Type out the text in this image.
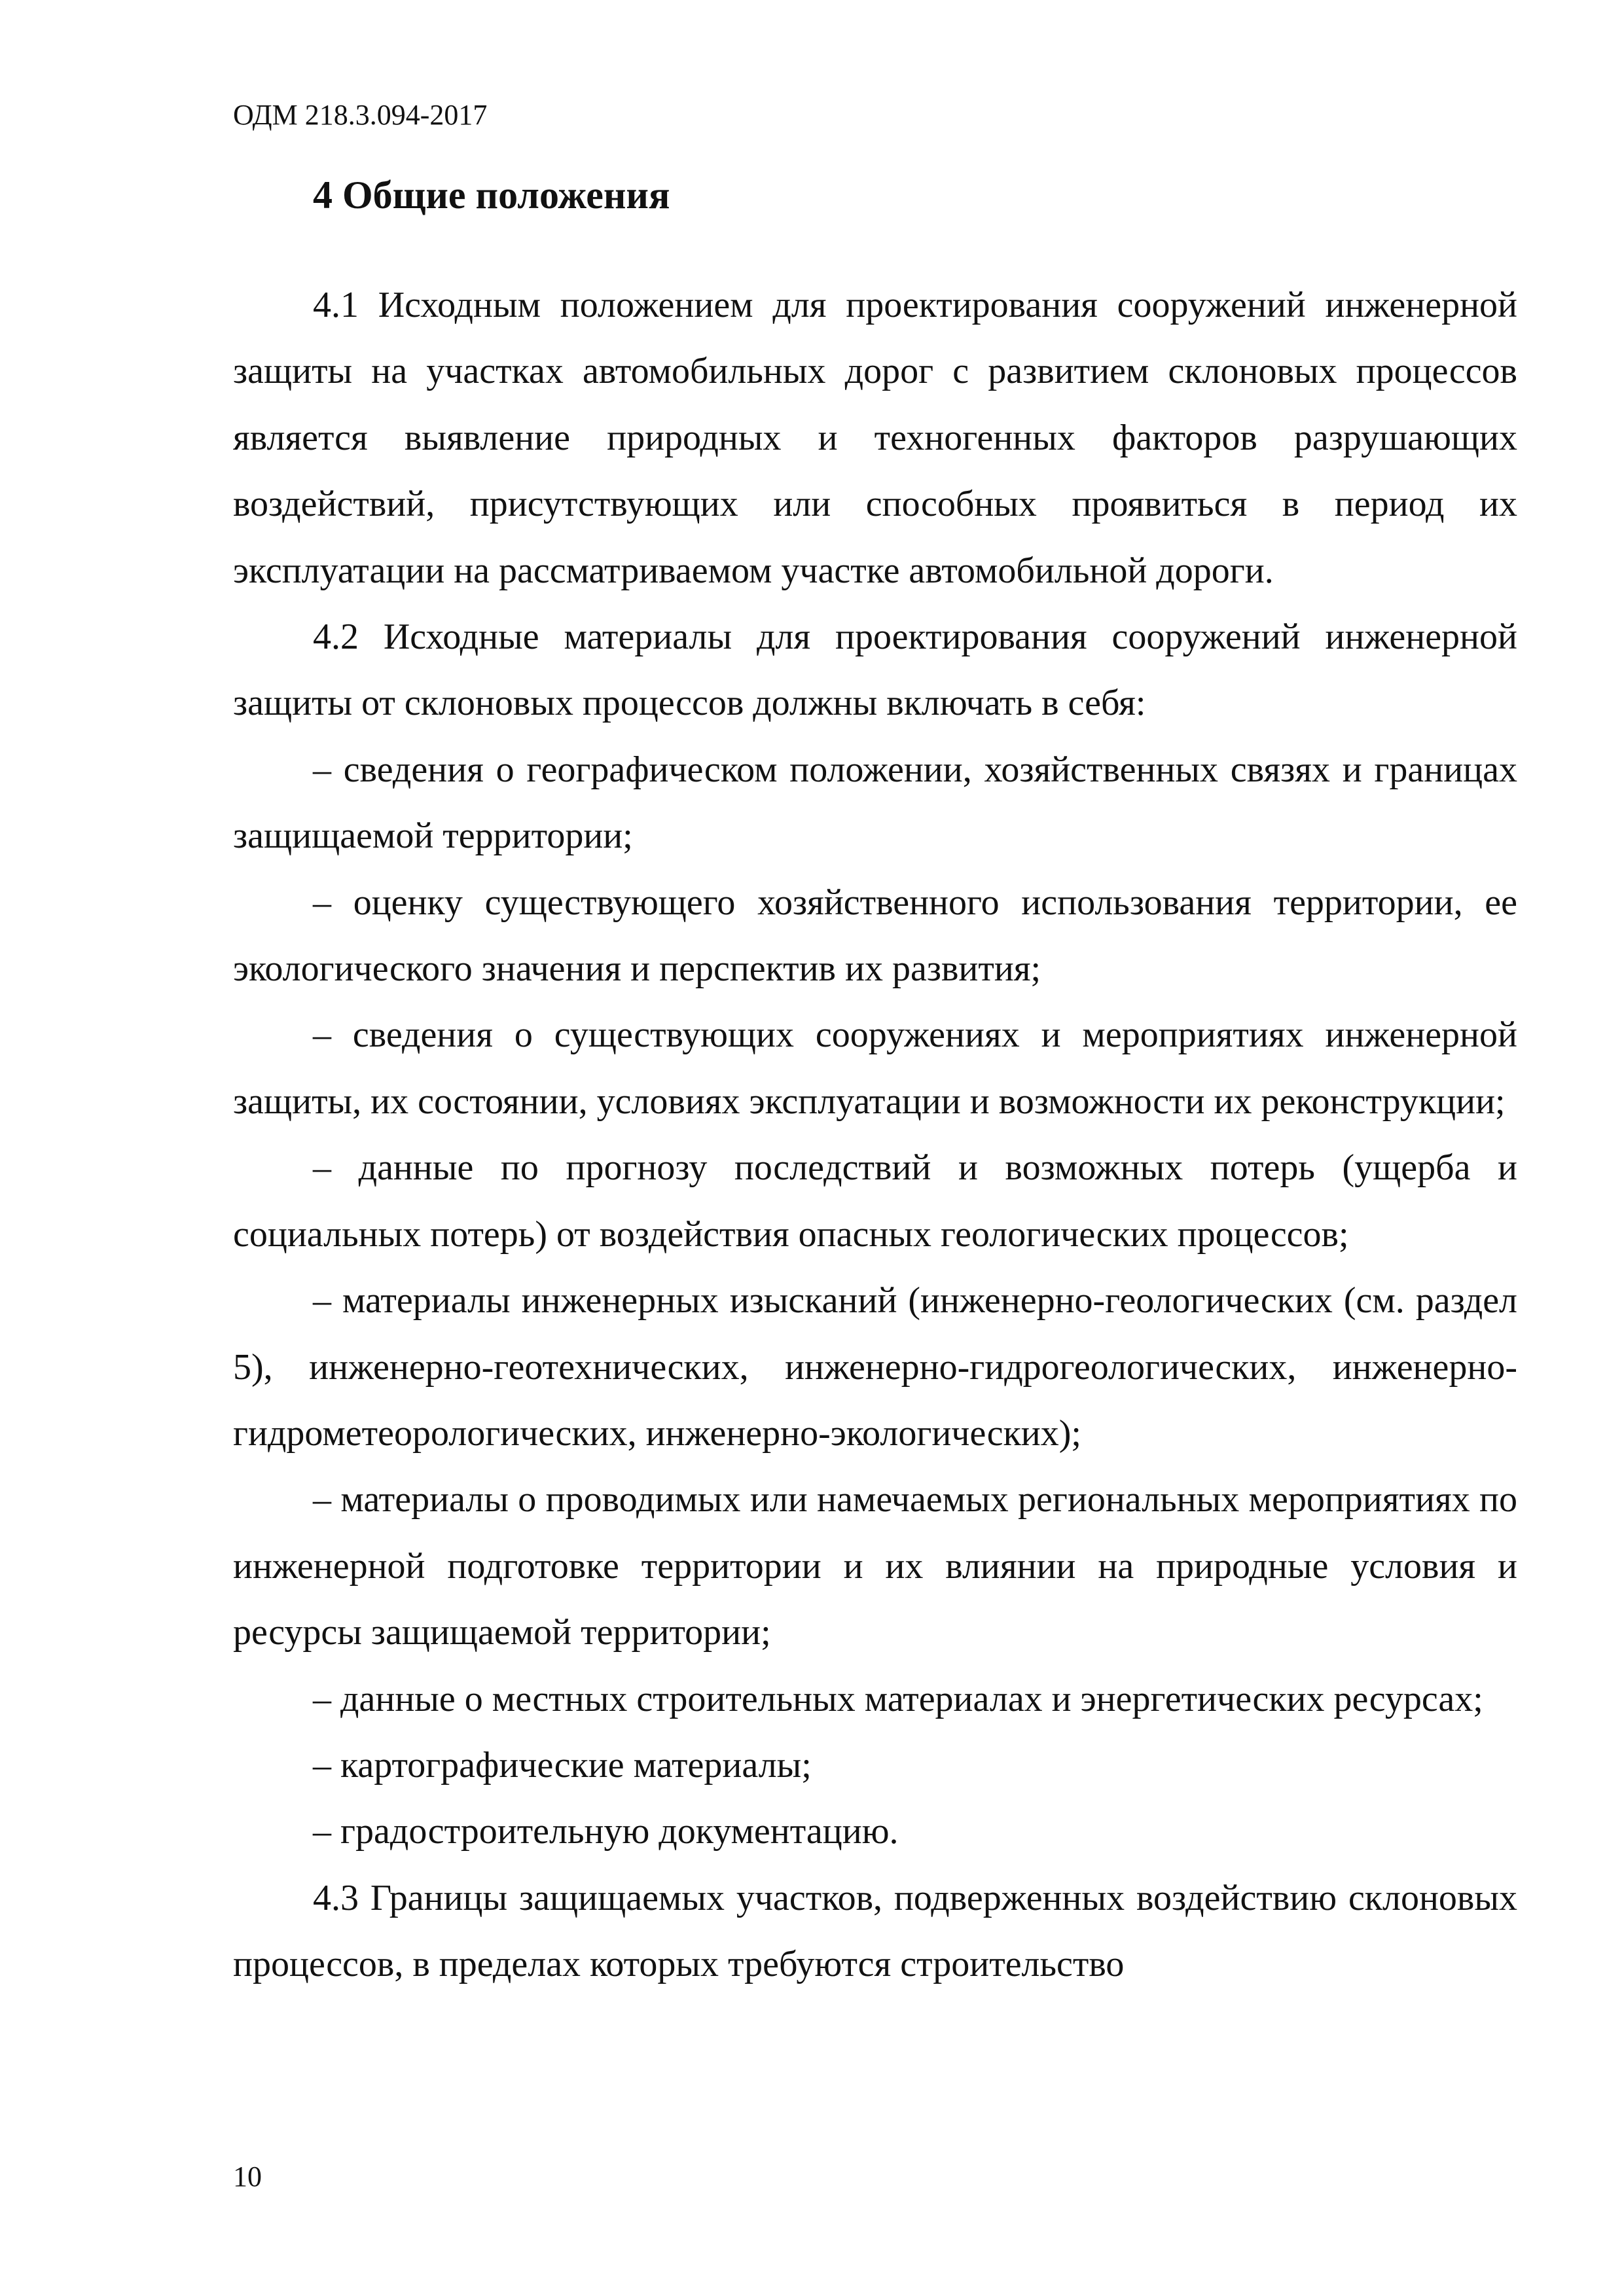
ОДМ 218.3.094-2017
4 Общие положения

4.1 Исходным положением для проектирования сооружений инженерной защиты на участках автомобильных дорог с развитием склоновых процессов является выявление природных и техногенных факторов разрушающих воздействий, присутствующих или способных проявиться в период их эксплуатации на рассматриваемом участке автомобильной дороги.

4.2 Исходные материалы для проектирования сооружений инженерной защиты от склоновых процессов должны включать в себя:

– сведения о географическом положении, хозяйственных связях и границах защищаемой территории;

– оценку существующего хозяйственного использования территории, ее экологического значения и перспектив их развития;

– сведения о существующих сооружениях и мероприятиях инженерной защиты, их состоянии, условиях эксплуатации и возможности их реконструкции;

– данные по прогнозу последствий и возможных потерь (ущерба и социальных потерь) от воздействия опасных геологических процессов;

– материалы инженерных изысканий (инженерно-геологических (см. раздел 5), инженерно-геотехнических, инженерно-гидрогеологических, инженерно-гидрометеорологических, инженерно-экологических);

– материалы о проводимых или намечаемых региональных мероприятиях по инженерной подготовке территории и их влиянии на природные условия и ресурсы защищаемой территории;

– данные о местных строительных материалах и энергетических ресурсах;

– картографические материалы;

– градостроительную документацию.

4.3 Границы защищаемых участков, подверженных воздействию склоновых процессов, в пределах которых требуются строительство

10
